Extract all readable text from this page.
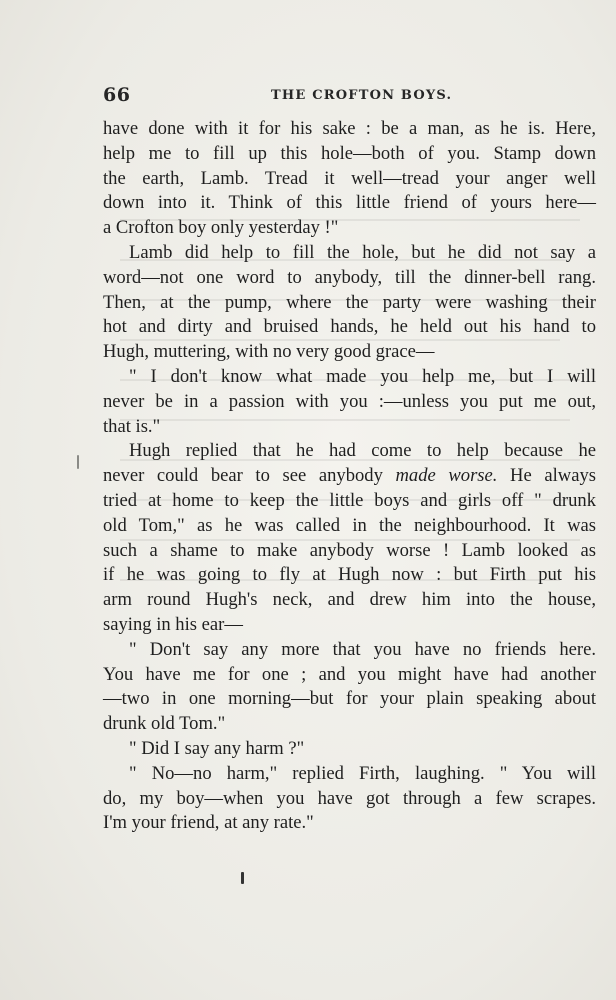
66	THE CROFTON BOYS.
have done with it for his sake : be a man, as he is. Here,
help me to fill up this hole—both of you. Stamp down
the earth, Lamb. Tread it well—tread your anger well
down into it. Think of this little friend of yours here—
a Crofton boy only yesterday !"
Lamb did help to fill the hole, but he did not say a
word—not one word to anybody, till the dinner-bell rang.
Then, at the pump, where the party were washing their
hot and dirty and bruised hands, he held out his hand to
Hugh, muttering, with no very good grace—
" I don't know what made you help me, but I will
never be in a passion with you :—unless you put me out,
that is."
Hugh replied that he had come to help because he
never could bear to see anybody made worse. He always
tried at home to keep the little boys and girls off " drunk
old Tom," as he was called in the neighbourhood. It was
such a shame to make anybody worse ! Lamb looked as
if he was going to fly at Hugh now : but Firth put his
arm round Hugh's neck, and drew him into the house,
saying in his ear—
" Don't say any more that you have no friends here.
You have me for one ; and you might have had another
—two in one morning—but for your plain speaking about
drunk old Tom."
" Did I say any harm ?"
" No—no harm," replied Firth, laughing. " You will
do, my boy—when you have got through a few scrapes.
I'm your friend, at any rate."
